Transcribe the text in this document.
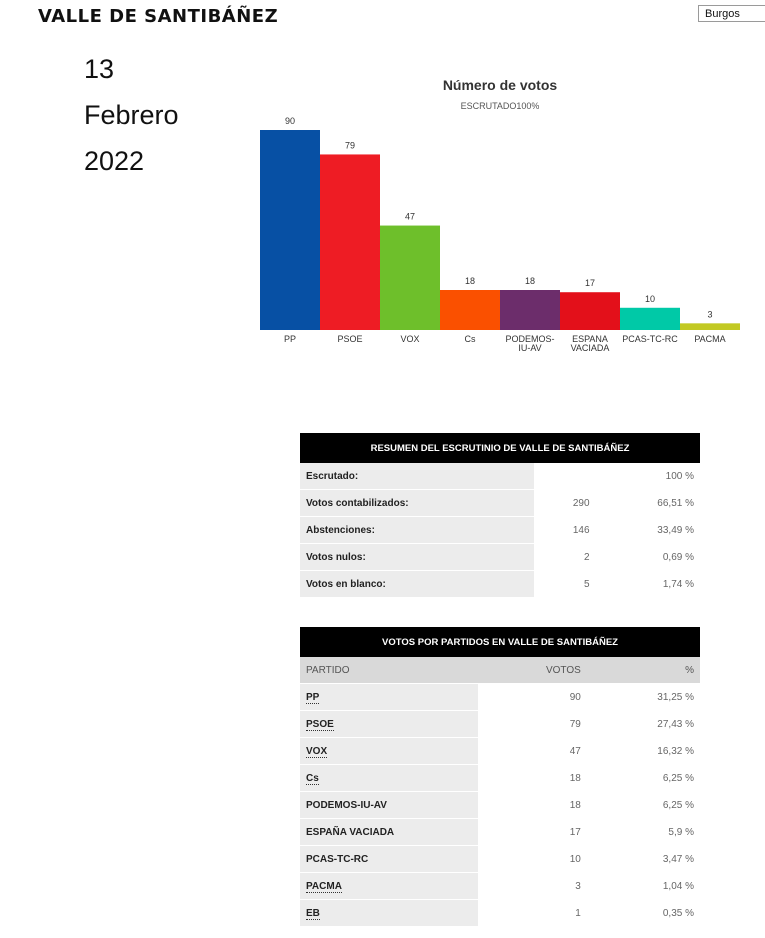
VALLE DE SANTIBÁÑEZ	Burgos
13
Febrero
2022
Número de votos
ESCRUTADO100%
90
PP
79
PSOE
47
VOX
18
Cs
18
PODEMOS-
IU-AV
17
ESPANA
VACIADA
10
PCAS-TC-RC
3
PACMA
RESUMEN DEL ESCRUTINIO DE VALLE DE SANTIBÁÑEZ		
Escrutado:		100 %
Votos contabilizados:	290	66,51 %
Abstenciones:	146	33,49 %
Votos nulos:	2	0,69 %
Votos en blanco:	5	1,74 %
VOTOS POR PARTIDOS EN VALLE DE SANTIBÁÑEZ		
PARTIDO	VOTOS	%
PP	90	31,25 %
PSOE	79	27,43 %
VOX	47	16,32 %
Cs	18	6,25 %
PODEMOS-IU-AV	18	6,25 %
ESPAÑA VACIADA	17	5,9 %
PCAS-TC-RC	10	3,47 %
PACMA	3	1,04 %
EB	1	0,35 %
